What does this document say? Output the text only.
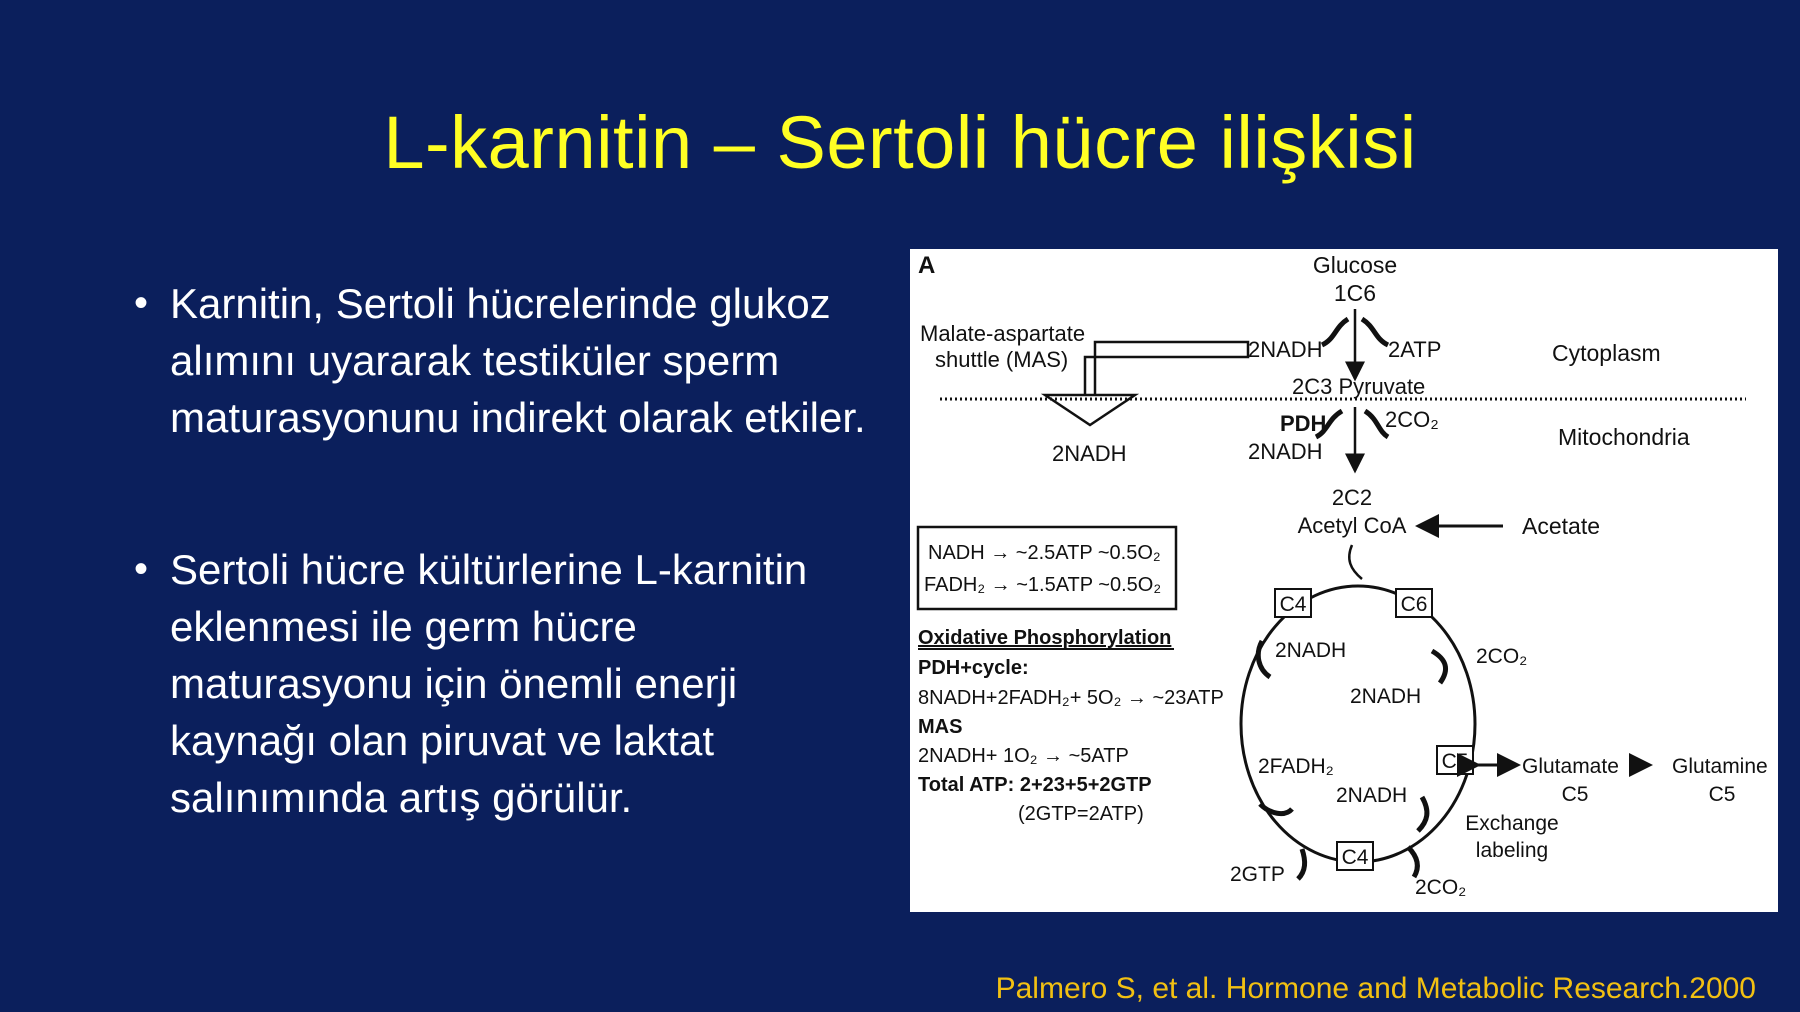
L-karnitin – Sertoli hücre ilişkisi
• Karnitin, Sertoli hücrelerinde glukoz alımını uyararak testiküler sperm maturasyonunu indirekt olarak etkiler.
• Sertoli hücre kültürlerine L-karnitin eklenmesi ile germ hücre maturasyonu için önemli enerji kaynağı olan piruvat ve laktat salınımında artış görülür.
A	Glucose
1C6
Malate-aspartate
shuttle (MAS)	2NADH	2ATP	Cytoplasm
2C3 Pyruvate
PDH	2CO₂
2NADH	2NADH
Mitochondria
2C2
Acetyl CoA	Acetate
NADH → ~2.5ATP ~0.5O₂
FADH₂ → ~1.5ATP ~0.5O₂
Oxidative Phosphorylation
PDH+cycle:
8NADH+2FADH₂+ 5O₂ → ~23ATP
MAS
2NADH+ 1O₂ → ~5ATP
Total ATP: 2+23+5+2GTP
(2GTP=2ATP)
C4	C6
2NADH	2CO₂
2NADH
2FADH₂	C5	Glutamate
C5
Glutamine
C5
2NADH
Exchange
labeling
2GTP
C4
2CO₂
Palmero S, et al. Hormone and Metabolic Research.2000
